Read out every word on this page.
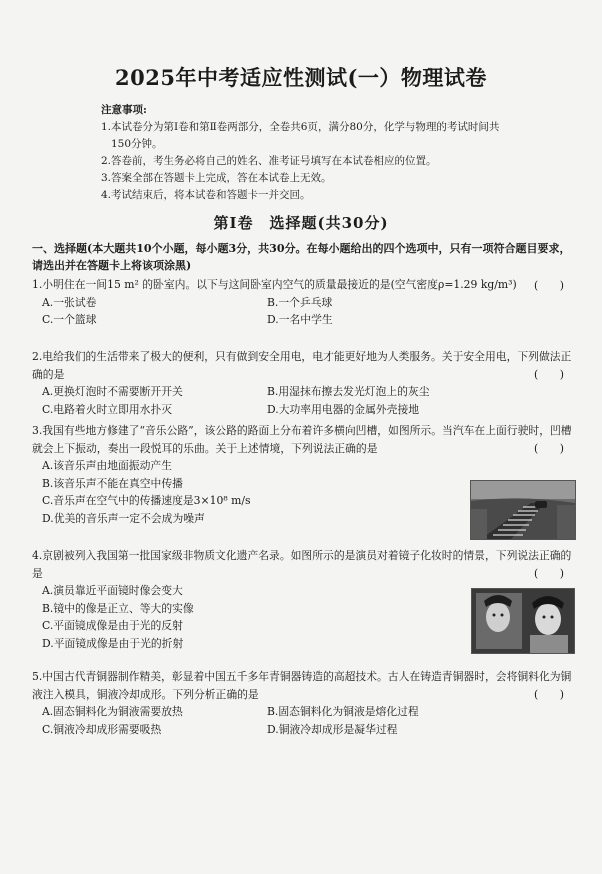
2025年中考适应性测试(一）物理试卷
注意事项:
1.本试卷分为第Ⅰ卷和第Ⅱ卷两部分，全卷共6页，满分80分，化学与物理的考试时间共
150分钟。
2.答卷前，考生务必将自己的姓名、准考证号填写在本试卷相应的位置。
3.答案全部在答题卡上完成，答在本试卷上无效。
4.考试结束后，将本试卷和答题卡一并交回。
第Ⅰ卷　选择题(共30分)
一、选择题(本大题共10个小题，每小题3分，共30分。在每小题给出的四个选项中，只有一项符合题目要求，请选出并在答题卡上将该项涂黑)
1.小明住在一间15 m² 的卧室内。以下与这间卧室内空气的质量最接近的是(空气密度ρ=1.29 kg/m³)	(　　)
A.一张试卷	B.一个乒乓球
C.一个篮球	D.一名中学生
2.电给我们的生活带来了极大的便利，只有做到安全用电，电才能更好地为人类服务。关于安全用电，下列做法正确的是	(　　)
A.更换灯泡时不需要断开开关	B.用湿抹布擦去发光灯泡上的灰尘
C.电路着火时立即用水扑灭	D.大功率用电器的金属外壳接地
3.我国有些地方修建了“音乐公路”，该公路的路面上分布着许多横向凹槽，如图所示。当汽车在上面行驶时，凹槽就会上下振动，奏出一段悦耳的乐曲。关于上述情境，下列说法正确的是	(　　)
A.该音乐声由地面振动产生
B.该音乐声不能在真空中传播
C.音乐声在空气中的传播速度是3×10⁸ m/s
D.优美的音乐声一定不会成为噪声
4.京剧被列入我国第一批国家级非物质文化遗产名录。如图所示的是演员对着镜子化妆时的情景，下列说法正确的是	(　　)
A.演员靠近平面镜时像会变大
B.镜中的像是正立、等大的实像
C.平面镜成像是由于光的反射
D.平面镜成像是由于光的折射
5.中国古代青铜器制作精美，彰显着中国五千多年青铜器铸造的高超技术。古人在铸造青铜器时，会将铜料化为铜液注入模具，铜液冷却成形。下列分析正确的是	(　　)
A.固态铜料化为铜液需要放热	B.固态铜料化为铜液是熔化过程
C.铜液冷却成形需要吸热	D.铜液冷却成形是凝华过程
